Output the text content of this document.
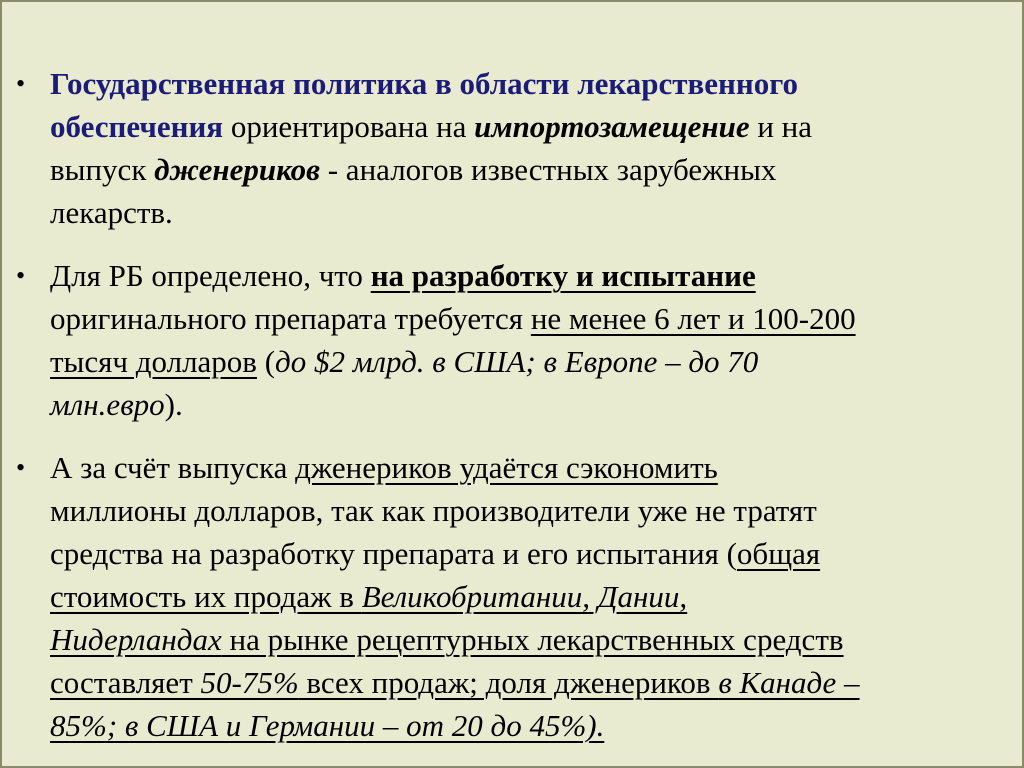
• Государственная политика в области лекарственного

обеспечения ориентирована на импортозамещение и на

выпуск дженериков - аналогов известных зарубежных

лекарств.

• Для РБ определено, что на разработку и испытание

оригинального препарата требуется не менее 6 лет и 100-200

тысяч долларов (до $2 млрд. в США; в Европе – до 70

млн.евро).

• А за счёт выпуска дженериков удаётся сэкономить

миллионы долларов, так как производители уже не тратят

средства на разработку препарата и его испытания (общая

стоимость их продаж в Великобритании, Дании,

Нидерландах на рынке рецептурных лекарственных средств

составляет 50-75% всех продаж; доля дженериков в Канаде –

85%; в США и Германии – от 20 до 45%).
